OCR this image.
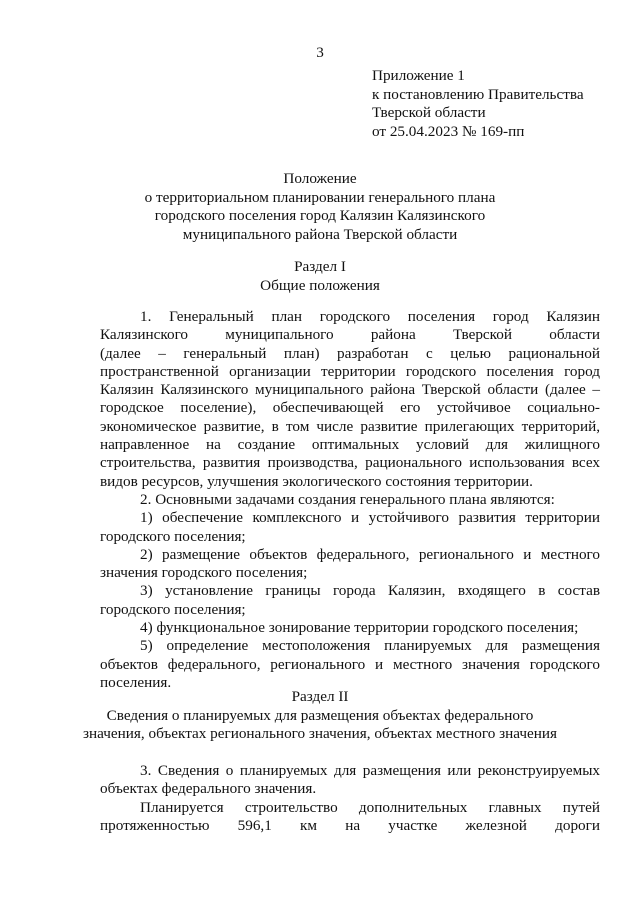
3
Приложение 1
к постановлению Правительства
Тверской области
от 25.04.2023 № 169-пп
Положение
о территориальном планировании генерального плана
городского поселения город Калязин Калязинского
муниципального района Тверской области
Раздел I
Общие положения
1. Генеральный план городского поселения город Калязин
Калязинского муниципального района Тверской области
(далее – генеральный план) разработан с целью рациональной
пространственной организации территории городского поселения город
Калязин Калязинского муниципального района Тверской области (далее –
городское поселение), обеспечивающей его устойчивое социально-
экономическое развитие, в том числе развитие прилегающих территорий,
направленное на создание оптимальных условий для жилищного
строительства, развития производства, рационального использования всех
видов ресурсов, улучшения экологического состояния территории.
2. Основными задачами создания генерального плана являются:
1) обеспечение комплексного и устойчивого развития территории
городского поселения;
2) размещение объектов федерального, регионального и местного
значения городского поселения;
3) установление границы города Калязин, входящего в состав
городского поселения;
4) функциональное зонирование территории городского поселения;
5) определение местоположения планируемых для размещения
объектов федерального, регионального и местного значения городского
поселения.
Раздел II
Сведения о планируемых для размещения объектах федерального
значения, объектах регионального значения, объектах местного значения
3. Сведения о планируемых для размещения или реконструируемых
объектах федерального значения.
Планируется строительство дополнительных главных путей
протяженностью 596,1 км на участке железной дороги
